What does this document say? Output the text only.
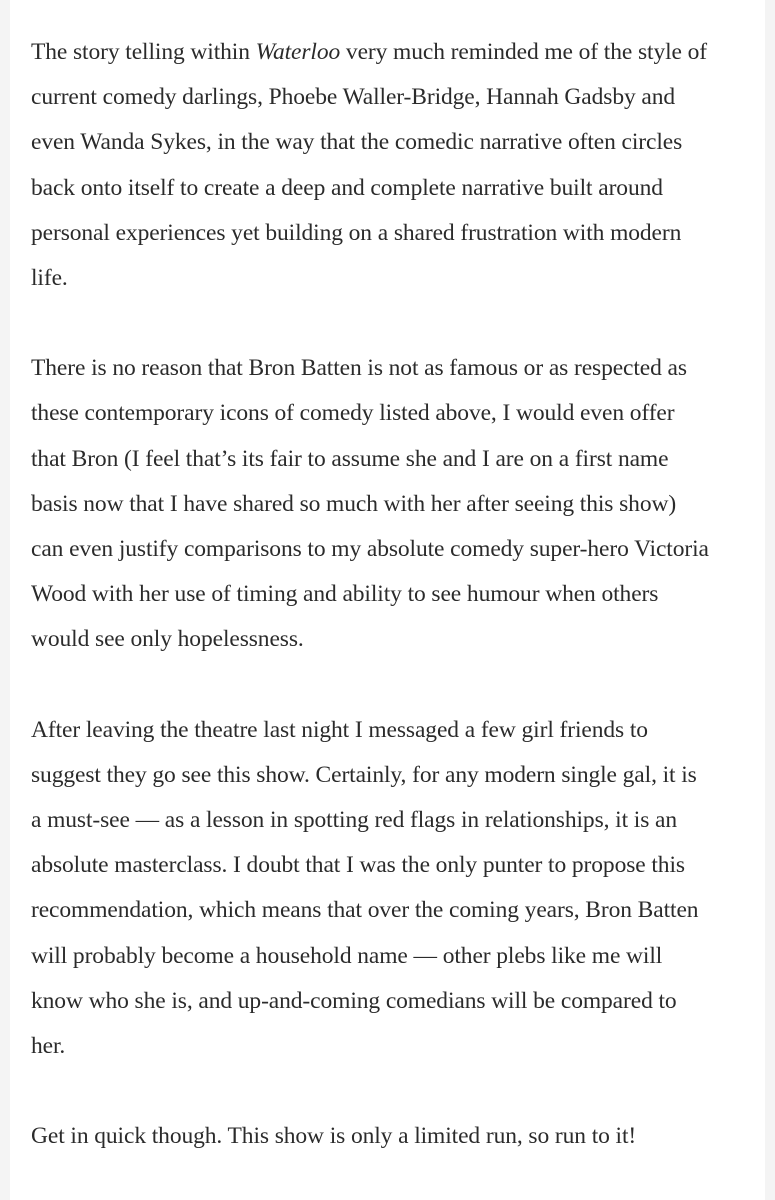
The story telling within Waterloo very much reminded me of the style of
current comedy darlings, Phoebe Waller-Bridge, Hannah Gadsby and
even Wanda Sykes, in the way that the comedic narrative often circles
back onto itself to create a deep and complete narrative built around
personal experiences yet building on a shared frustration with modern
life.

There is no reason that Bron Batten is not as famous or as respected as
these contemporary icons of comedy listed above, I would even offer
that Bron (I feel that’s its fair to assume she and I are on a first name
basis now that I have shared so much with her after seeing this show)
can even justify comparisons to my absolute comedy super-hero Victoria
Wood with her use of timing and ability to see humour when others
would see only hopelessness.

After leaving the theatre last night I messaged a few girl friends to
suggest they go see this show. Certainly, for any modern single gal, it is
a must-see — as a lesson in spotting red flags in relationships, it is an
absolute masterclass. I doubt that I was the only punter to propose this
recommendation, which means that over the coming years, Bron Batten
will probably become a household name — other plebs like me will
know who she is, and up-and-coming comedians will be compared to
her.

Get in quick though. This show is only a limited run, so run to it!
